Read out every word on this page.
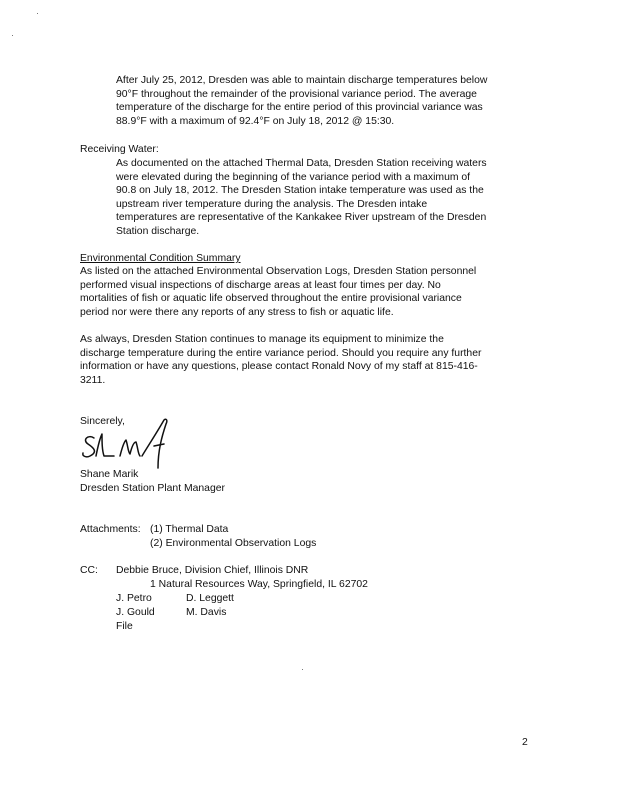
After July 25, 2012, Dresden was able to maintain discharge temperatures below
90°F throughout the remainder of the provisional variance period. The average
temperature of the discharge for the entire period of this provincial variance was
88.9°F with a maximum of 92.4°F on July 18, 2012 @ 15:30.
Receiving Water:
As documented on the attached Thermal Data, Dresden Station receiving waters
were elevated during the beginning of the variance period with a maximum of
90.8 on July 18, 2012. The Dresden Station intake temperature was used as the
upstream river temperature during the analysis. The Dresden intake
temperatures are representative of the Kankakee River upstream of the Dresden
Station discharge.
Environmental Condition Summary
As listed on the attached Environmental Observation Logs, Dresden Station personnel
performed visual inspections of discharge areas at least four times per day. No
mortalities of fish or aquatic life observed throughout the entire provisional variance
period nor were there any reports of any stress to fish or aquatic life.
As always, Dresden Station continues to manage its equipment to minimize the
discharge temperature during the entire variance period. Should you require any further
information or have any questions, please contact Ronald Novy of my staff at 815-416-
3211.
Sincerely,
Shane Marik
Dresden Station Plant Manager
Attachments: (1) Thermal Data
(2) Environmental Observation Logs
CC: Debbie Bruce, Division Chief, Illinois DNR
1 Natural Resources Way, Springfield, IL 62702
J. Petro	D. Leggett
J. Gould	M. Davis
File
2
